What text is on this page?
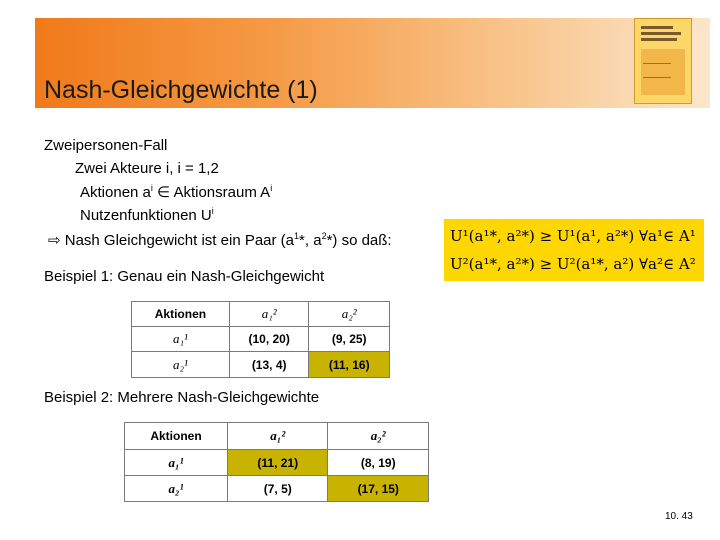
Nash-Gleichgewichte (1)
Zweipersonen-Fall
Zwei Akteure i, i = 1,2
Aktionen $a^i$ ∈ Aktionsraum $A^i$
Nutzenfunktionen $U^i$
⇨ Nash Gleichgewicht ist ein Paar ($a^1*$, $a^2*$) so daß:	U¹(a¹*, a²*) ≥ U¹(a¹, a²*) ∀a¹∈ A¹
U²(a¹*, a²*) ≥ U²(a¹*, a²) ∀a²∈ A²
Beispiel 1: Genau ein Nash-Gleichgewicht
Aktionen	a₁²	a₂²
a₁¹	(10, 20)	(9, 25)
a₂¹	(13, 4)	(11, 16)
Beispiel 2: Mehrere Nash-Gleichgewichte
Aktionen	a₁²	a₂²
a₁¹	(11, 21)	(8, 19)
a₂¹	(7, 5)	(17, 15)
10. 43
